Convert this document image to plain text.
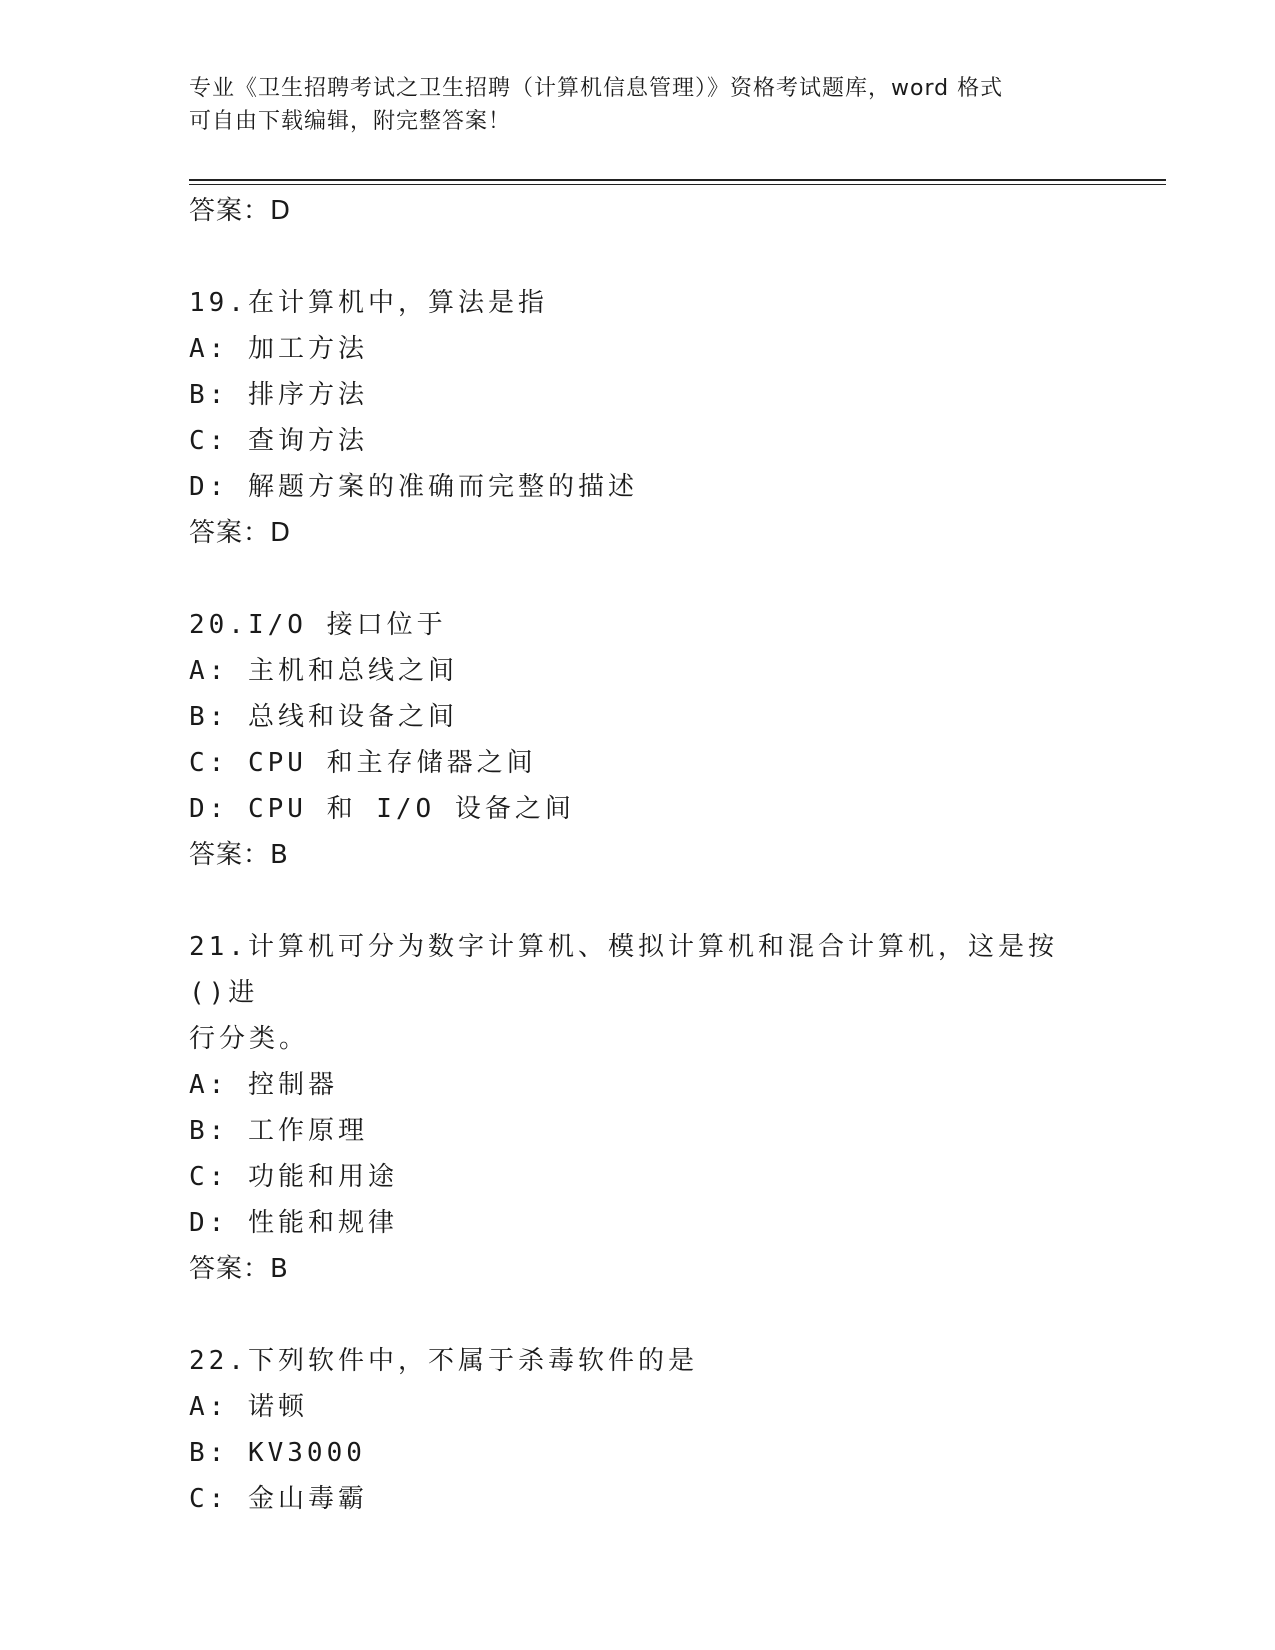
专业《卫生招聘考试之卫生招聘（计算机信息管理）》资格考试题库，word 格式
可自由下载编辑，附完整答案！

答案：D

19.在计算机中，算法是指

A: 加工方法

B: 排序方法

C: 查询方法

D: 解题方案的准确而完整的描述

答案：D

20.I/O 接口位于

A: 主机和总线之间

B: 总线和设备之间

C: CPU 和主存储器之间

D: CPU 和 I/O 设备之间

答案：B

21.计算机可分为数字计算机、模拟计算机和混合计算机，这是按()进

行分类。

A: 控制器

B: 工作原理

C: 功能和用途

D: 性能和规律

答案：B

22.下列软件中，不属于杀毒软件的是

A: 诺顿

B: KV3000

C: 金山毒霸
